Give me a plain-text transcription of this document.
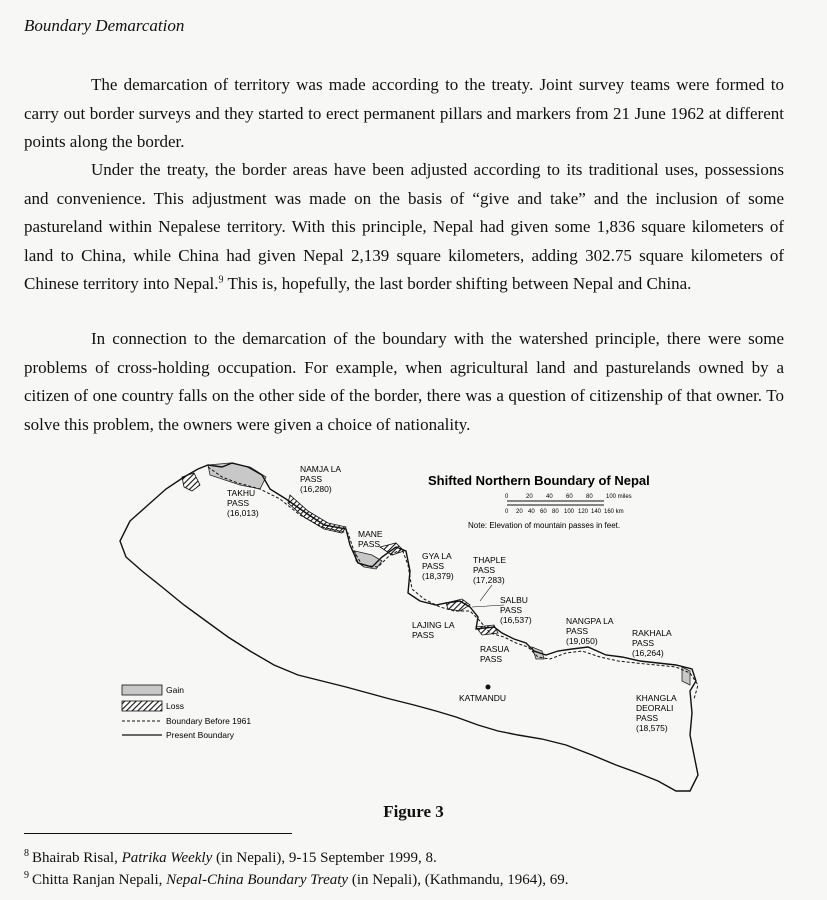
Boundary Demarcation

The demarcation of territory was made according to the treaty. Joint survey teams were formed to carry out border surveys and they started to erect permanent pillars and markers from 21 June 1962 at different points along the border.

Under the treaty, the border areas have been adjusted according to its traditional uses, possessions and convenience. This adjustment was made on the basis of “give and take” and the inclusion of some pastureland within Nepalese territory. With this principle, Nepal had given some 1,836 square kilometers of land to China, while China had given Nepal 2,139 square kilometers, adding 302.75 square kilometers of Chinese territory into Nepal.$^9$ This is, hopefully, the last border shifting between Nepal and China.

In connection to the demarcation of the boundary with the watershed principle, there were some problems of cross-holding occupation. For example, when agricultural land and pasturelands owned by a citizen of one country falls on the other side of the border, there was a question of citizenship of that owner. To solve this problem, the owners were given a choice of nationality.

Shifted Northern Boundary of Nepal
0	20 40 60 80 100 miles
0 20 40 60 80 100 120 140 160 km
Note: Elevation of mountain passes in feet.
NAMJA LA PASS (16,280)
TAKHU PASS (16,013)
MANE PASS
GYA LA PASS (18,379)
THAPLE PASS (17,283)
SALBU PASS (16,537)
LAJING LA PASS
RASUA PASS
NANGPA LA PASS (19,050)
RAKHALA PASS (16,264)
KHANGLA DEORALI PASS (18,575)
KATMANDU
Gain
Loss
Boundary Before 1961
Present Boundary
Figure 3
$^8$ Bhairab Risal, Patrika Weekly (in Nepali), 9-15 September 1999, 8.
$^9$ Chitta Ranjan Nepali, Nepal-China Boundary Treaty (in Nepali), (Kathmandu, 1964), 69.
